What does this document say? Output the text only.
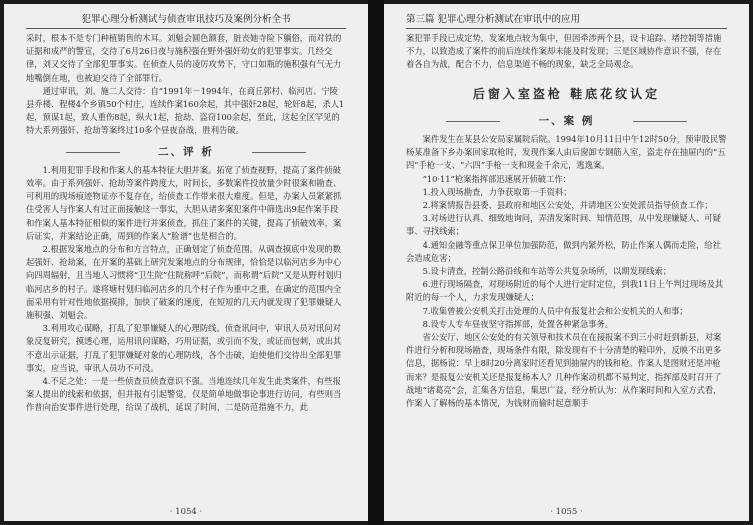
犯罪心理分析测试与侦查审讯技巧及案例分析全书

采时，根本不是专门种植销售的木耳。刘魁会圆色额套，脏丧她寺险下躺俗，而对铁的证据和成严的警宣，交待了6月26日夜与施积强在野外强奸幼女的犯罪事实。几经交律，刘又交待了全部犯罪事实。在侦查人员的凌厉攻势下，守口如瓶的施积强有气无力地嘴倒在地，也被迫交待了全部罪行。

通过审讯，刘、施二人交待：自“1991年－1994年，在商丘郭村、临河店、宁陵县乔楼、程楼4个乡镇50个村庄，连续作案160余起，其中强奸28起，轮奸8起，杀人1起，预谋1起，致人重伤8起，纵火1起，抢劫、盗窃100余起，至此，这起全区罕见的特大系列强奸、抢劫等案终过10多个昼夜奋战，胜利告破。

二、评 析

1.利用犯罪手段和作案人的基本特征大胆并案。拓宽了侦查视野，提高了案件侦破效率。由于系列强奸、抢劫等案件跨度大，时间长，多数案件投放量少时很案和勘查、可利用的现场痕迹物证亦不复存在，给侦查工作带来很大难度。但是，办案人员紧紧抓住受害人与作案人有过正面接触这一事实，大胆从诸多案犯案件中筛选出9起作案手段和作案人基本特征相似的案件进行并案侦查，抓住了案件的关键，提高了侦破效率，案后证实，并案结论正确，周到的作案人“脸谱”也是相合的。

2.根据发案地点的分布和方言特点，正确划定了侦查范围。从调查摸底中发现的数起强奸、抢劫案，在开案的基础上研究发案地点的分布规律，恰恰是以临河店乡为中心向四周辐射，且当地人习惯将“卫生院”住院称呼“后院”，而称谓“后院”又是从野村划归临河店乡的村子。遂将塘村划归临河店乡的几个村子作为重中之重，在确定的范围内全面采用有针对性地依据摸排，加快了破案的速度，在短短的几天内就发现了犯罪嫌疑人施积强、刘魁会。

3.利用攻心谋略，打乱了犯罪嫌疑人的心理防线。侦查讯问中，审讯人员对讯问对象反复研究，摸透心理，运用讯问谋略，巧用证据，或引而不发，或证而包刺，或出其不意出示证据，打乱了犯罪嫌疑对象的心理防线，各个击破，迫使他们交待出全部犯罪事实，应当说，审讯人员功不可没。

4.不足之处：一是一些侦查员侦查意识不强。当地连续几年发生此类案件，有些报案人提出的线索和依据，但并报有引起警觉，仅是简单地做事论事进行访问，有些则当作普向治安事件进行处理，给误了战机，延误了时间，二是防范措施不力，此

· 1054 ·
第三篇 犯罪心理分析测试在审讯中的应用

案犯罪手段已成定势，发案地点较为集中，但因牵涉两个县，设卡追踪、堵控制等措施不力，以致造成了案件的前后连续作案却未能及时发现；三是区域协作意识不强，存在着各自为战，配合不力，信息渠道不畅的现象，缺乏全局观念。

后窗入室盗枪 鞋底花纹认定
一、案 例

案件发生在某县公安局家属院后院。1994年10月11日中午12时50分，预审股民警杨某准备下乡办案回家取枪时，发现作案人由后窗卸专钢筋入室，盗走存在抽屉内的“五四”手枪一支、“六四”手枪一支和现金千余元，逃逸案。

“10·11”枪案指挥部迅速展开侦破工作：

1.投入现场勘查，力争获取第一手资料；

2.将案情报告县委、县政府和地区公安处，并请地区公安处派员指导侦查工作；

3.对场进行认真、细致地询问，弄清发案时间、知情范围，从中发现嫌疑人、可疑事、寻找线索；

4.通知金融等重点保卫单位加强防范，做到内紧外松，防止作案人偶而走险，给社会造成危害；

5.设卡清查，控制公路沿线和车站等公共复杂场所，以期发现线索；

6.进行现场隔查，对现场附近的每个人进行定时定位，到我11日上午判过现场及其附近的每一个人，力求发现嫌疑人；

7.收集曾被公安机关打击处理的人员中有报复社会和公安机关的人和事；

8.设专人专车昼夜坚守指挥部，处置各种紧急事务。

省公安厅、地区公安处的有关领导和技术员在在接报案不到三小时赶到新县，对案件进行分析和现场勘查，现场条件有限，除发现有不十分清楚的鞋印外，反映不出更多信息，据杨说：早上8时20分离家时还看见到抽屉内的钱和枪。作案人是图财还是冲枪而来？是报复公安机关还是报复杨本人？几种作案动机都不易判定，指挥部及时召开了战地“诸葛亮”会，汇集各方信息，集思广益，经分析认为：从作案时间和入室方式看，作案人了解杨的基本情况，为钱财而偷时起意顺手

· 1055 ·
